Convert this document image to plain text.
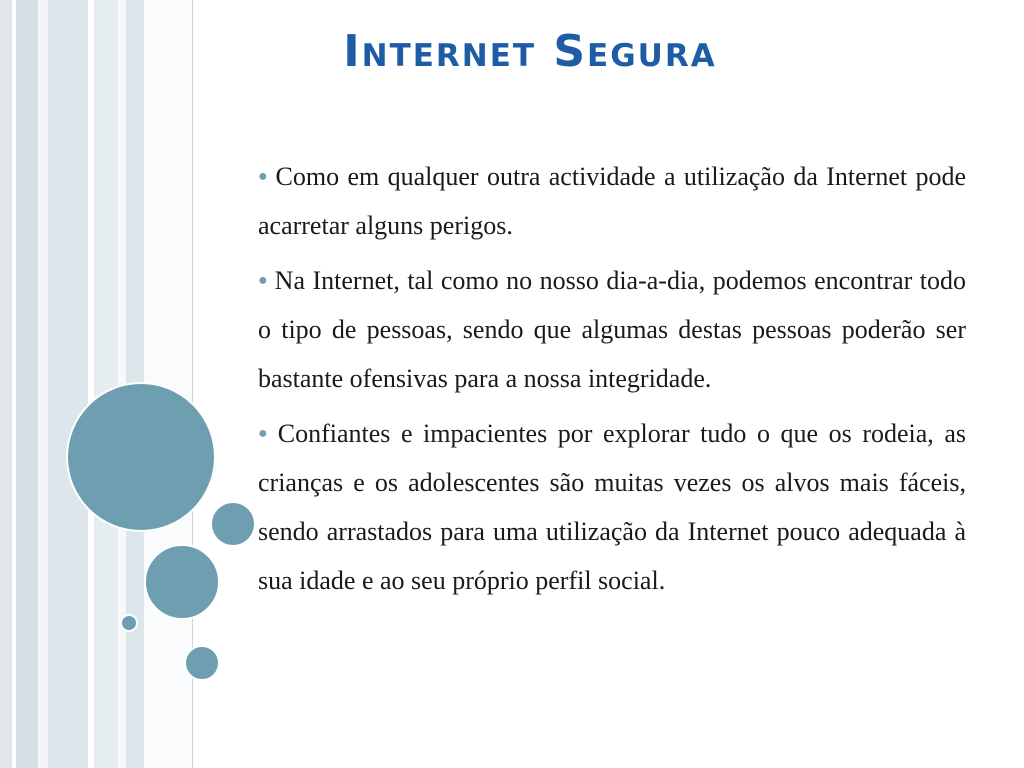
Internet Segura

● Como em qualquer outra actividade a utilização da Internet pode acarretar alguns perigos.

● Na Internet, tal como no nosso dia-a-dia, podemos encontrar todo o tipo de pessoas, sendo que algumas destas pessoas poderão ser bastante ofensivas para a nossa integridade.

● Confiantes e impacientes por explorar tudo o que os rodeia, as crianças e os adolescentes são muitas vezes os alvos mais fáceis, sendo arrastados para uma utilização da Internet pouco adequada à sua idade e ao seu próprio perfil social.
